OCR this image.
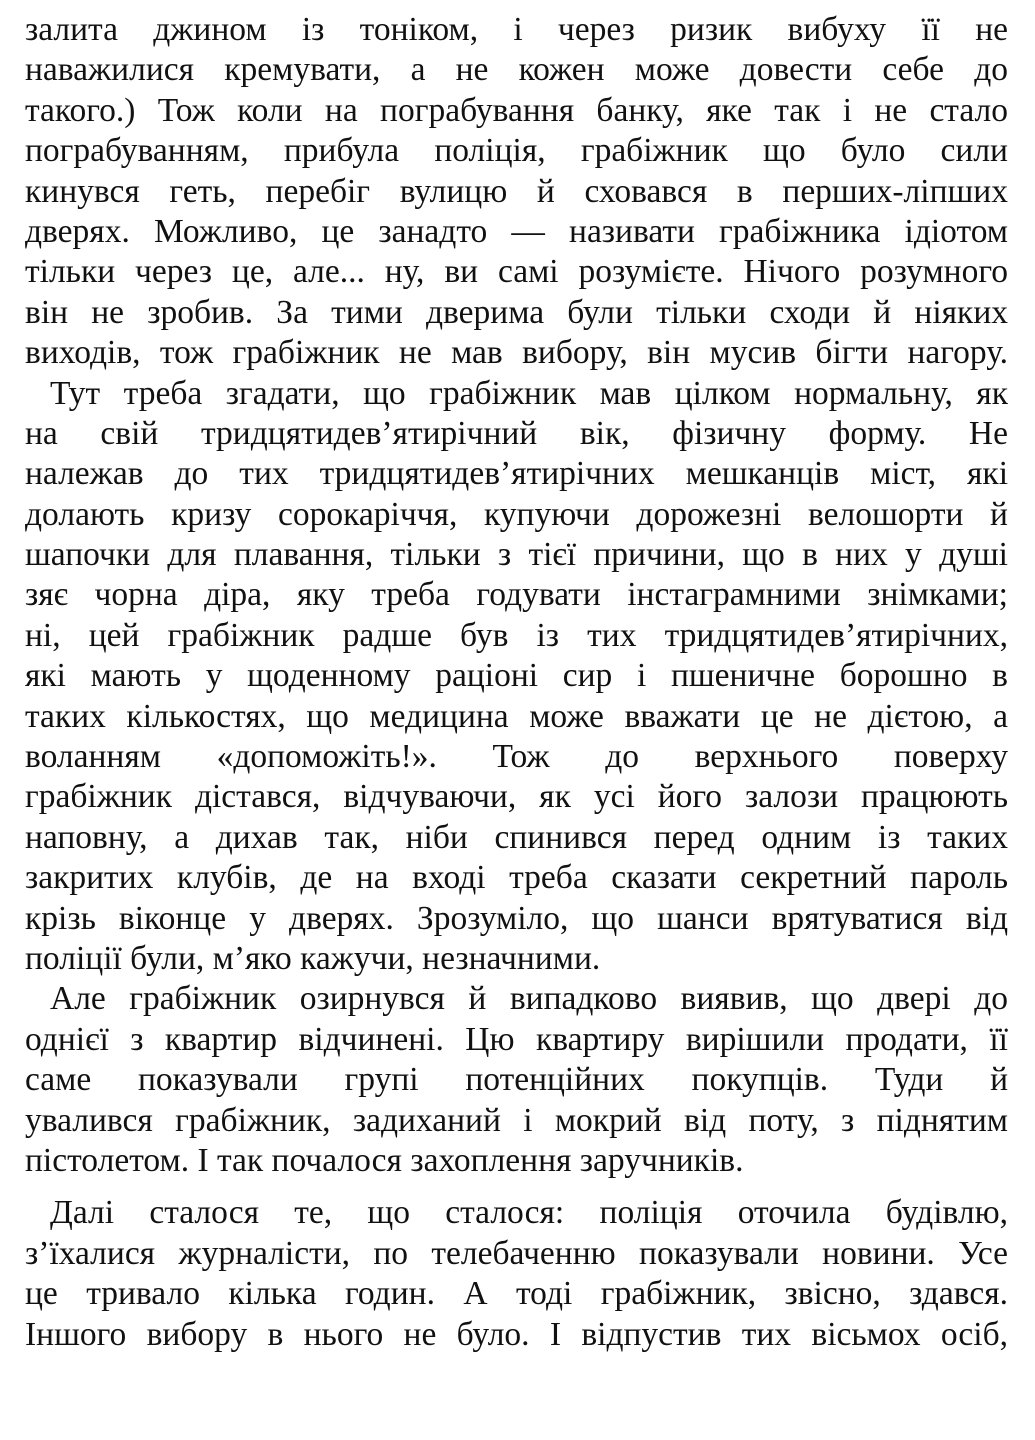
залита джином із тоніком, і через ризик вибуху її не
наважилися кремувати, а не кожен може довести себе до
такого.) Тож коли на пограбування банку, яке так і не стало
пограбуванням, прибула поліція, грабіжник що було сили
кинувся геть, перебіг вулицю й сховався в перших-ліпших
дверях. Можливо, це занадто — називати грабіжника ідіотом
тільки через це, але... ну, ви самі розумієте. Нічого розумного
він не зробив. За тими дверима були тільки сходи й ніяких
виходів, тож грабіжник не мав вибору, він мусив бігти нагору.
Тут треба згадати, що грабіжник мав цілком нормальну, як
на свій тридцятидев’ятирічний вік, фізичну форму. Не
належав до тих тридцятидев’ятирічних мешканців міст, які
долають кризу сорокаріччя, купуючи дорожезні велошорти й
шапочки для плавання, тільки з тієї причини, що в них у душі
зяє чорна діра, яку треба годувати інстаграмними знімками;
ні, цей грабіжник радше був із тих тридцятидев’ятирічних,
які мають у щоденному раціоні сир і пшеничне борошно в
таких кількостях, що медицина може вважати це не дієтою, а
воланням «допоможіть!». Тож до верхнього поверху
грабіжник дістався, відчуваючи, як усі його залози працюють
наповну, а дихав так, ніби спинився перед одним із таких
закритих клубів, де на вході треба сказати секретний пароль
крізь віконце у дверях. Зрозуміло, що шанси врятуватися від
поліції були, м’яко кажучи, незначними.
Але грабіжник озирнувся й випадково виявив, що двері до
однієї з квартир відчинені. Цю квартиру вирішили продати, її
саме показували групі потенційних покупців. Туди й
увалився грабіжник, задиханий і мокрий від поту, з піднятим
пістолетом. І так почалося захоплення заручників.
Далі сталося те, що сталося: поліція оточила будівлю,
з’їхалися журналісти, по телебаченню показували новини. Усе
це тривало кілька годин. А тоді грабіжник, звісно, здався.
Іншого вибору в нього не було. І відпустив тих вісьмох осіб,
